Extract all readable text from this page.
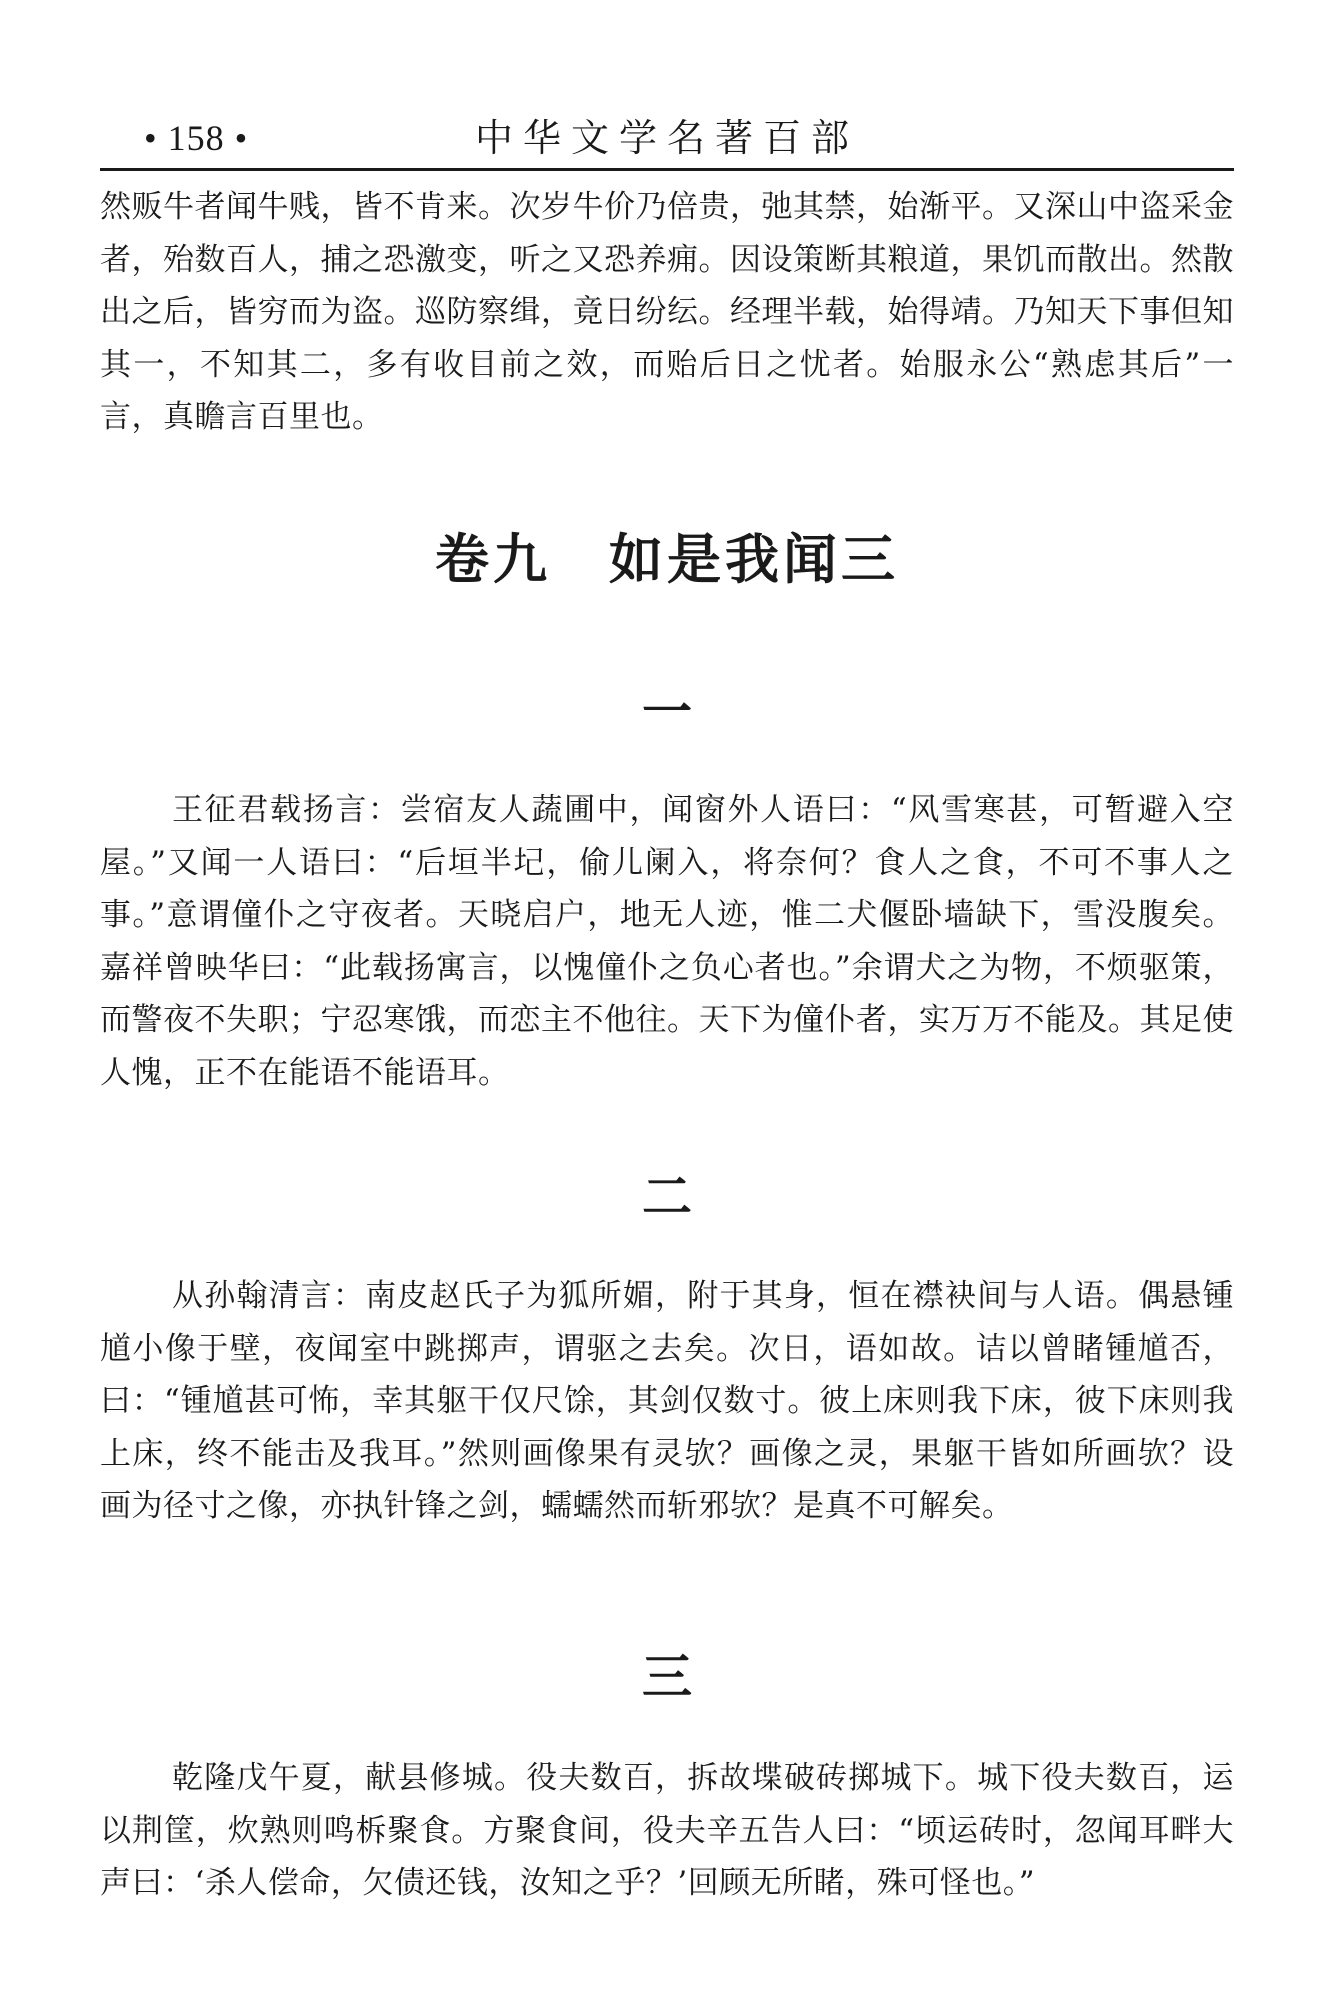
• 158 •	中华文学名著百部

然贩牛者闻牛贱，皆不肯来。次岁牛价乃倍贵，弛其禁，始渐平。又深山中盗采金者，殆数百人，捕之恐激变，听之又恐养痈。因设策断其粮道，果饥而散出。然散出之后，皆穷而为盗。巡防察缉，竟日纷纭。经理半载，始得靖。乃知天下事但知其一，不知其二，多有收目前之效，而贻后日之忧者。始服永公“熟虑其后”一言，真瞻言百里也。

卷九　如是我闻三
一

王征君载扬言：尝宿友人蔬圃中，闻窗外人语曰：“风雪寒甚，可暂避入空屋。”又闻一人语曰：“后垣半圮，偷儿阑入，将奈何？食人之食，不可不事人之事。”意谓僮仆之守夜者。天晓启户，地无人迹，惟二犬偃卧墙缺下，雪没腹矣。嘉祥曾映华曰：“此载扬寓言，以愧僮仆之负心者也。”余谓犬之为物，不烦驱策，而警夜不失职；宁忍寒饿，而恋主不他往。天下为僮仆者，实万万不能及。其足使人愧，正不在能语不能语耳。

二

从孙翰清言：南皮赵氏子为狐所媚，附于其身，恒在襟袂间与人语。偶悬锺馗小像于壁，夜闻室中跳掷声，谓驱之去矣。次日，语如故。诘以曾睹锺馗否，曰：“锺馗甚可怖，幸其躯干仅尺馀，其剑仅数寸。彼上床则我下床，彼下床则我上床，终不能击及我耳。”然则画像果有灵欤？画像之灵，果躯干皆如所画欤？设画为径寸之像，亦执针锋之剑，蠕蠕然而斩邪欤？是真不可解矣。

三

乾隆戊午夏，献县修城。役夫数百，拆故堞破砖掷城下。城下役夫数百，运以荆筐，炊熟则鸣柝聚食。方聚食间，役夫辛五告人曰：“顷运砖时，忽闻耳畔大声曰：‘杀人偿命，欠债还钱，汝知之乎？’回顾无所睹，殊可怪也。”
